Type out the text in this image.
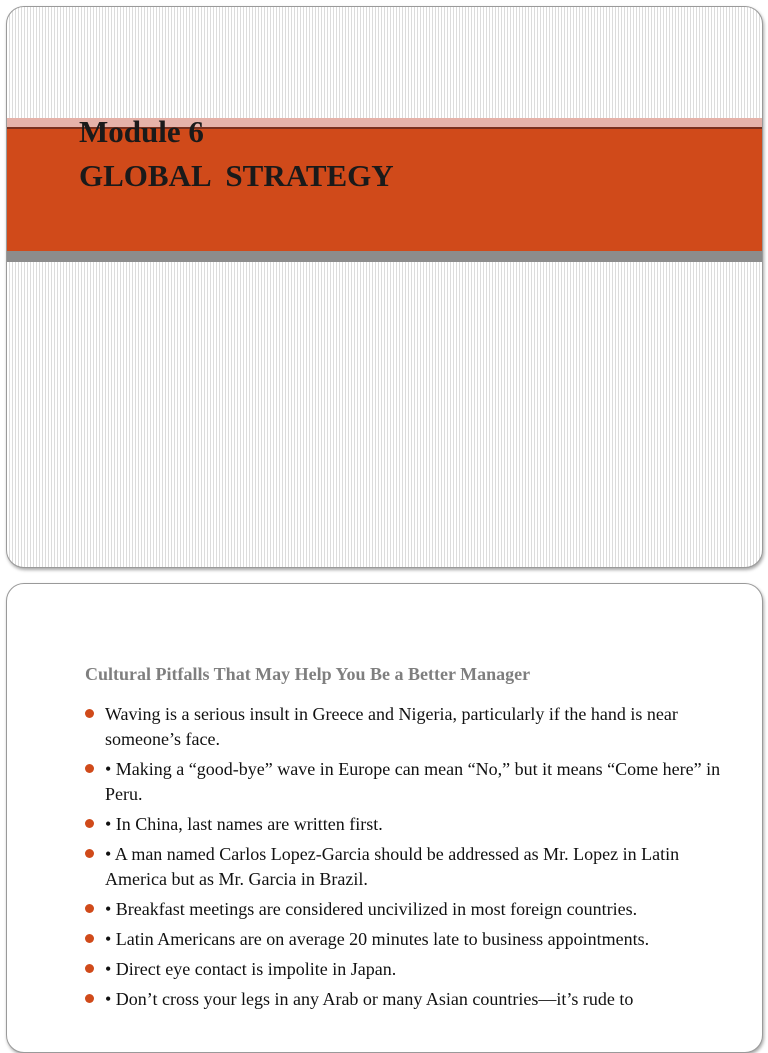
Module 6
GLOBAL  STRATEGY
Cultural Pitfalls That May Help You Be a Better Manager
Waving is a serious insult in Greece and Nigeria, particularly if the hand is near someone’s face.
• Making a “good-bye” wave in Europe can mean “No,” but it means “Come here” in Peru.
• In China, last names are written first.
• A man named Carlos Lopez-Garcia should be addressed as Mr. Lopez in Latin America but as Mr. Garcia in Brazil.
• Breakfast meetings are considered uncivilized in most foreign countries.
• Latin Americans are on average 20 minutes late to business appointments.
• Direct eye contact is impolite in Japan.
• Don’t cross your legs in any Arab or many Asian countries—it’s rude to
